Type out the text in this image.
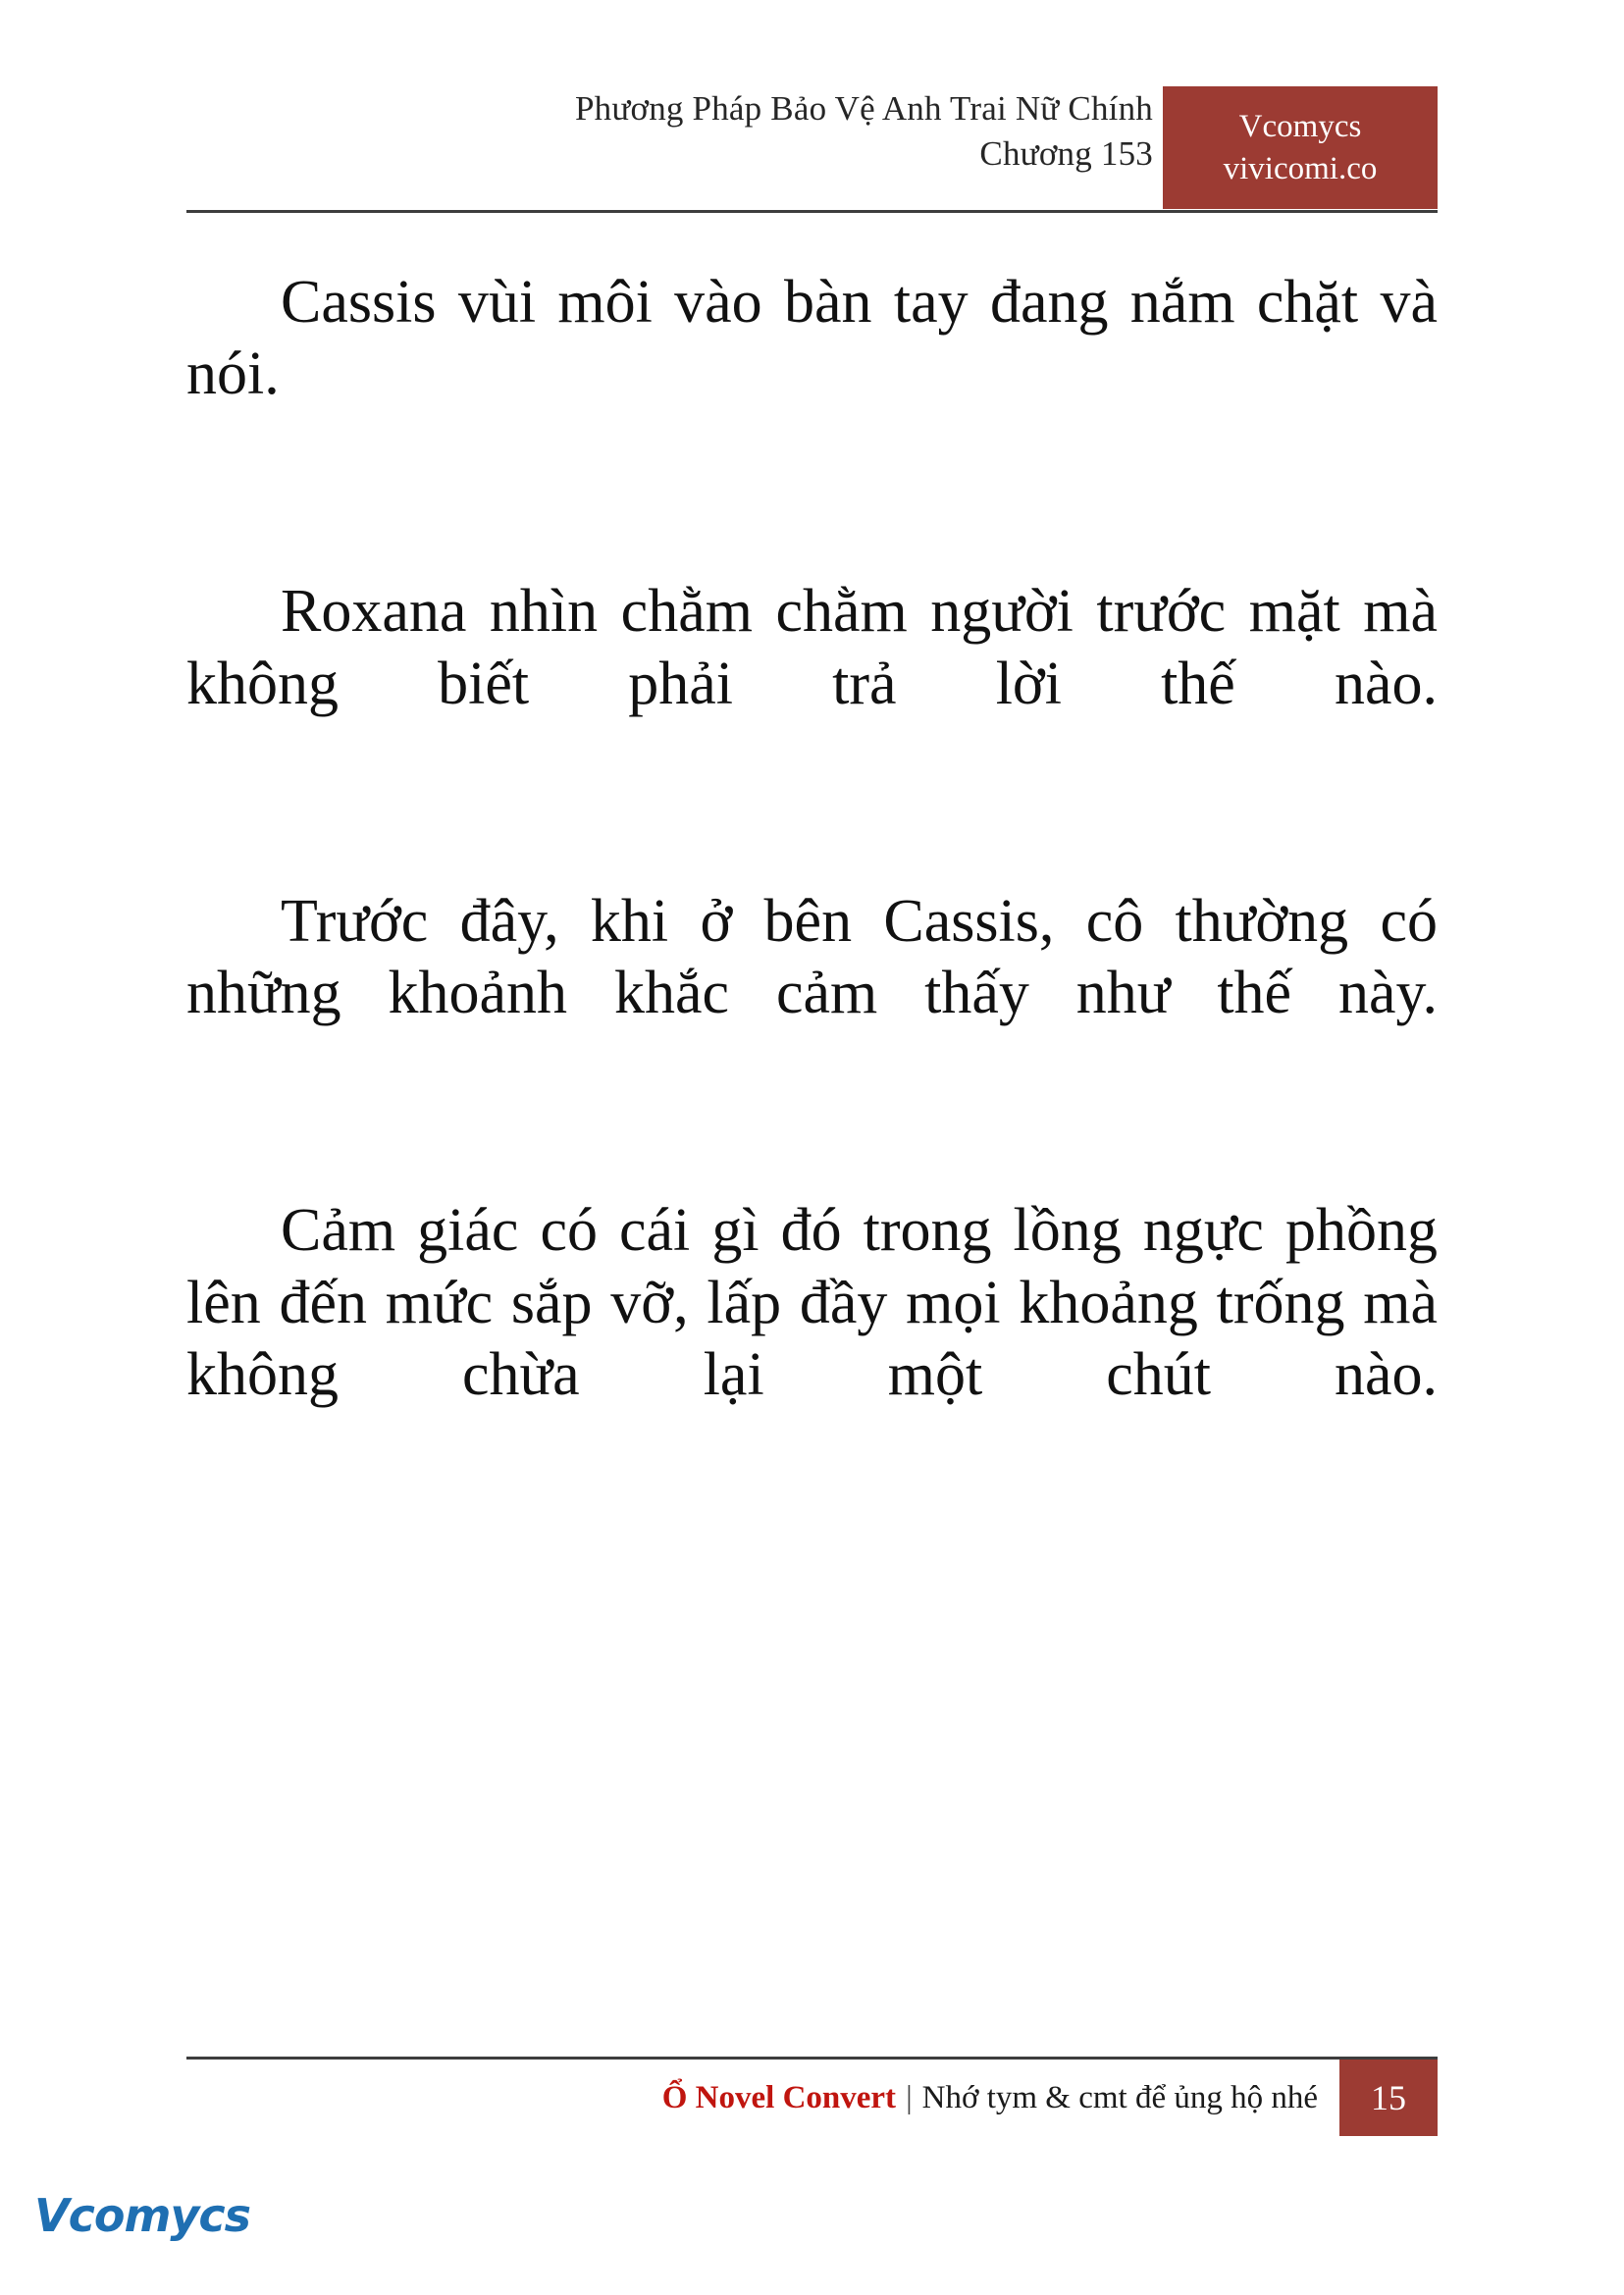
Phương Pháp Bảo Vệ Anh Trai Nữ Chính
Chương 153
Vcomycs
vivicomi.co

Cassis vùi môi vào bàn tay đang nắm chặt và nói.

Roxana nhìn chằm chằm người trước mặt mà không biết phải trả lời thế nào.

Trước đây, khi ở bên Cassis, cô thường có những khoảnh khắc cảm thấy như thế này.

Cảm giác có cái gì đó trong lồng ngực phồng lên đến mức sắp vỡ, lấp đầy mọi khoảng trống mà không chừa lại một chút nào.

Ổ Novel Convert | Nhớ tym & cmt để ủng hộ nhé	15
Vcomycs
